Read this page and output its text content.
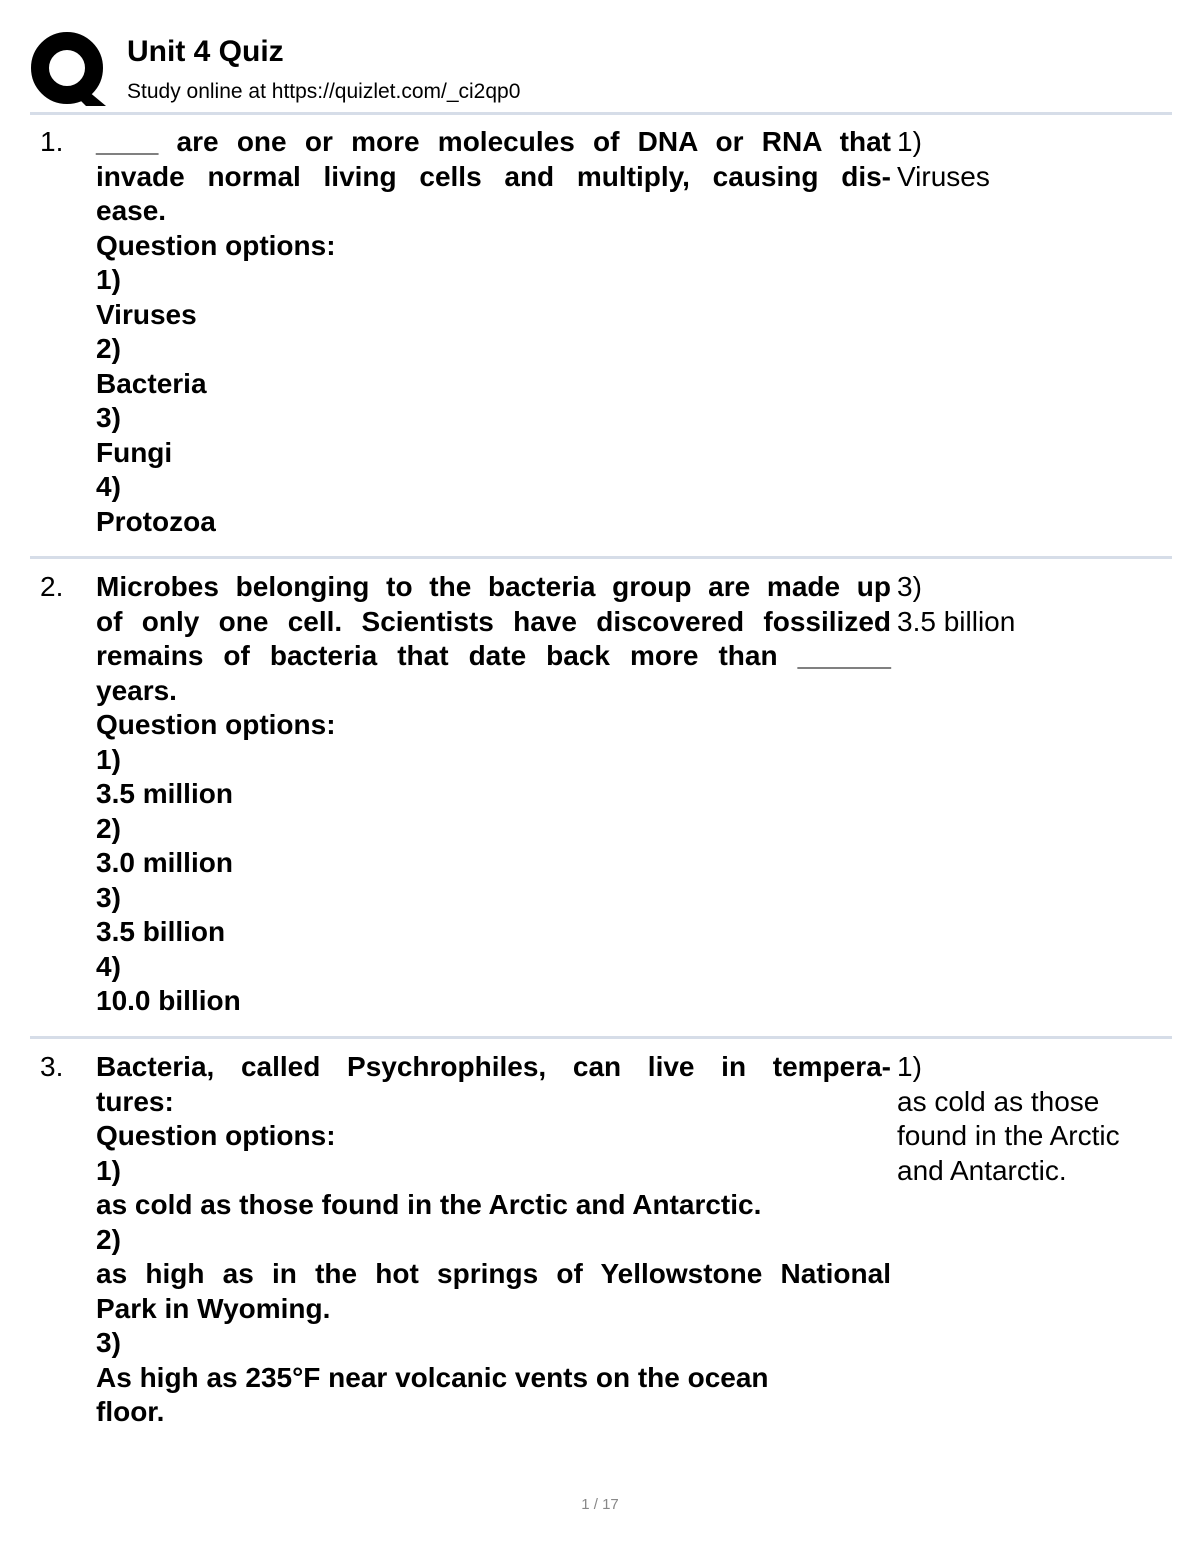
Unit 4 Quiz
Study online at https://quizlet.com/_ci2qp0
1. ____ are one or more molecules of DNA or RNA that
invade normal living cells and multiply, causing dis-
ease.
Question options:
1)
Viruses
2)
Bacteria
3)
Fungi
4)
Protozoa
1)
Viruses
2. Microbes belonging to the bacteria group are made up
of only one cell. Scientists have discovered fossilized
remains of bacteria that date back more than ______
years.
Question options:
1)
3.5 million
2)
3.0 million
3)
3.5 billion
4)
10.0 billion
3)
3.5 billion
3. Bacteria, called Psychrophiles, can live in tempera-
tures:
Question options:
1)
as cold as those found in the Arctic and Antarctic.
2)
as high as in the hot springs of Yellowstone National
Park in Wyoming.
3)
As high as 235°F near volcanic vents on the ocean
floor.
1)
as cold as those
found in the Arctic
and Antarctic.
1 / 17
